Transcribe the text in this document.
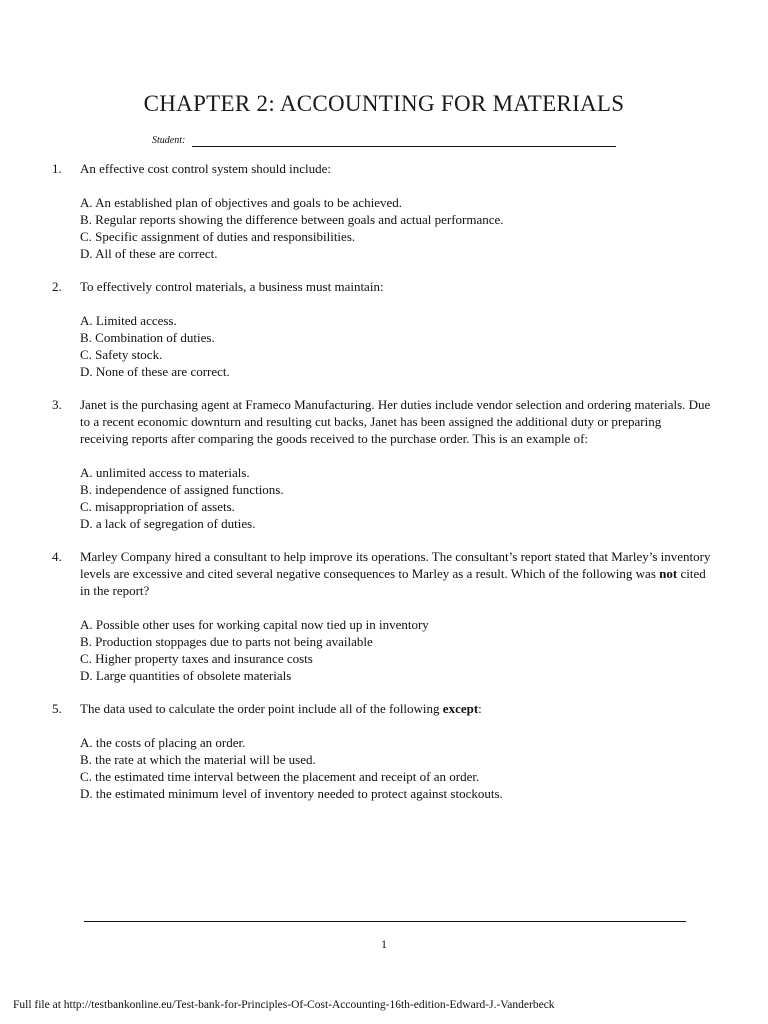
CHAPTER 2: ACCOUNTING FOR MATERIALS
Student:
1.	An effective cost control system should include:
A. An established plan of objectives and goals to be achieved.
B. Regular reports showing the difference between goals and actual performance.
C. Specific assignment of duties and responsibilities.
D. All of these are correct.
2.	To effectively control materials, a business must maintain:
A. Limited access.
B. Combination of duties.
C. Safety stock.
D. None of these are correct.
3.	Janet is the purchasing agent at Frameco Manufacturing. Her duties include vendor selection and ordering materials. Due to a recent economic downturn and resulting cut backs, Janet has been assigned the additional duty or preparing receiving reports after comparing the goods received to the purchase order. This is an example of:
A. unlimited access to materials.
B. independence of assigned functions.
C. misappropriation of assets.
D. a lack of segregation of duties.
4.	Marley Company hired a consultant to help improve its operations. The consultant’s report stated that Marley’s inventory levels are excessive and cited several negative consequences to Marley as a result. Which of the following was not cited in the report?
A. Possible other uses for working capital now tied up in inventory
B. Production stoppages due to parts not being available
C. Higher property taxes and insurance costs
D. Large quantities of obsolete materials
5.	The data used to calculate the order point include all of the following except:
A. the costs of placing an order.
B. the rate at which the material will be used.
C. the estimated time interval between the placement and receipt of an order.
D. the estimated minimum level of inventory needed to protect against stockouts.
1
Full file at http://testbankonline.eu/Test-bank-for-Principles-Of-Cost-Accounting-16th-edition-Edward-J.-Vanderbeck
